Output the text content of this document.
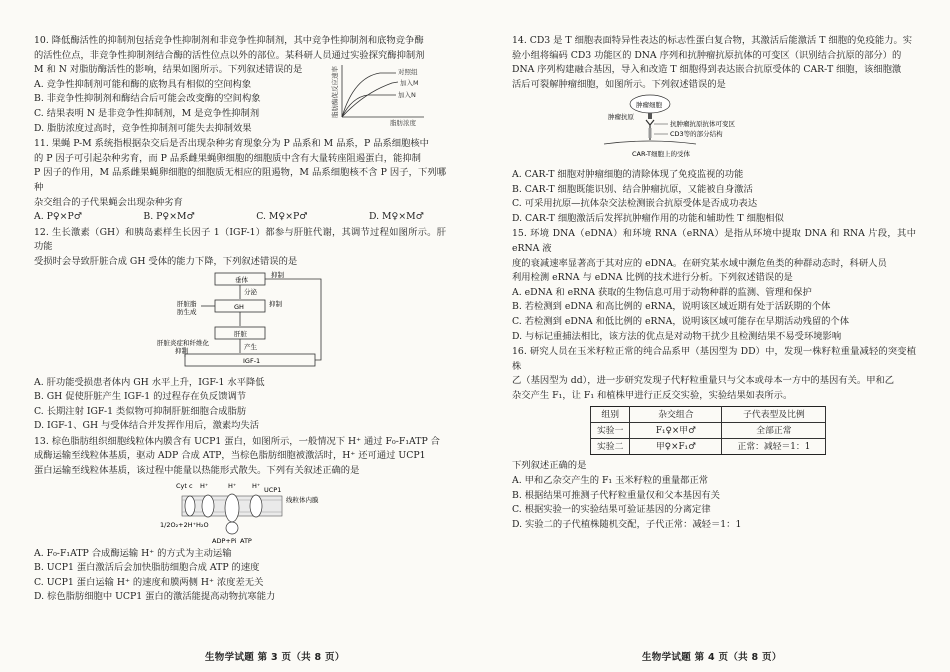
10. 降低酶活性的抑制剂包括竞争性抑制剂和非竞争性抑制剂，其中竞争性抑制剂和底物竞争酶
的活性位点，非竞争性抑制剂结合酶的活性位点以外的部位。某科研人员通过实验探究酶抑制剂
M 和 N 对脂肪酶活性的影响，结果如图所示。下列叙述错误的是
A. 竞争性抑制剂可能和酶的底物具有相似的空间构象
B. 非竞争性抑制剂和酶结合后可能会改变酶的空间构象
C. 结果表明 N 是非竞争性抑制剂，M 是竞争性抑制剂
D. 脂肪浓度过高时，竞争性抑制剂可能失去抑制效果
脂肪酶促反应速率
脂肪浓度
对照组
加入M
加入N
11. 果蝇 P-M 系统指根据杂交后是否出现杂种劣育现象分为 P 品系和 M 品系，P 品系细胞核中
的 P 因子可引起杂种劣育，而 P 品系雌果蝇卵细胞的细胞质中含有大量转座阻遏蛋白，能抑制
P 因子的作用，M 品系雌果蝇卵细胞的细胞质无相应的阻遏物，M 品系细胞核不含 P 因子，下列哪种
杂交组合的子代果蝇会出现杂种劣育
A. P♀×P♂	B. P♀×M♂	C. M♀×P♂	D. M♀×M♂
12. 生长激素（GH）和胰岛素样生长因子 1（IGF-1）都参与肝脏代谢，其调节过程如图所示。肝功能
受损时会导致肝脏合成 GH 受体的能力下降，下列叙述错误的是
垂体
分泌
GH
肝脏
产生
IGF-1
抑制
肝脏脂
肪生成
抑制
肝脏炎症和纤维化
抑制
A. 肝功能受损患者体内 GH 水平上升，IGF-1 水平降低
B. GH 促使肝脏产生 IGF-1 的过程存在负反馈调节
C. 长期注射 IGF-1 类似物可抑制肝脏细胞合成脂肪
D. IGF-1、GH 与受体结合并发挥作用后，激素均失活
13. 棕色脂肪组织细胞线粒体内膜含有 UCP1 蛋白，如图所示，一般情况下 H⁺ 通过 F₀-F₁ATP 合
成酶运输至线粒体基质，驱动 ADP 合成 ATP，当棕色脂肪细胞被激活时，H⁺ 还可通过 UCP1
蛋白运输至线粒体基质，该过程中能量以热能形式散失。下列有关叙述正确的是
Cyt c H⁺	H⁺ H⁺ UCP1
线粒体内膜
1/2O₂+2H⁺ H₂O
ADP+Pi ATP
A. F₀-F₁ATP 合成酶运输 H⁺ 的方式为主动运输
B. UCP1 蛋白激活后会加快脂肪细胞合成 ATP 的速度
C. UCP1 蛋白运输 H⁺ 的速度和膜两侧 H⁺ 浓度差无关
D. 棕色脂肪细胞中 UCP1 蛋白的激活能提高动物抗寒能力
14. CD3 是 T 细胞表面特异性表达的标志性蛋白复合物，其激活后能激活 T 细胞的免疫能力。实
验小组将编码 CD3 功能区的 DNA 序列和抗肿瘤抗原抗体的可变区（识别结合抗原的部分）的
DNA 序列构建融合基因，导入和改造 T 细胞得到表达嵌合抗原受体的 CAR-T 细胞，该细胞激
活后可裂解肿瘤细胞，如图所示。下列叙述错误的是
肿瘤细胞
肿瘤抗原
抗肿瘤抗原抗体可变区
CD3等的部分结构
CAR-T细胞上的受体
A. CAR-T 细胞对肿瘤细胞的清除体现了免疫监视的功能
B. CAR-T 细胞既能识别、结合肿瘤抗原，又能被自身激活
C. 可采用抗原—抗体杂交法检测嵌合抗原受体是否成功表达
D. CAR-T 细胞激活后发挥抗肿瘤作用的功能和辅助性 T 细胞相似
15. 环境 DNA（eDNA）和环境 RNA（eRNA）是指从环境中提取 DNA 和 RNA 片段，其中 eRNA 液
度的衰减速率显著高于其对应的 eDNA。在研究某水域中濒危鱼类的种群动态时，科研人员
利用检测 eRNA 与 eDNA 比例的技术进行分析。下列叙述错误的是
A. eDNA 和 eRNA 获取的生物信息可用于动物种群的监测、管理和保护
B. 若检测到 eDNA 和高比例的 eRNA，说明该区域近期有处于活跃期的个体
C. 若检测到 eDNA 和低比例的 eRNA，说明该区域可能存在早期活动残留的个体
D. 与标记重捕法相比，该方法的优点是对动物干扰少且检测结果不易受环境影响
16. 研究人员在玉米籽粒正常的纯合品系甲（基因型为 DD）中，发现一株籽粒重量减轻的突变植株
乙（基因型为 dd），进一步研究发现子代籽粒重量只与父本或母本一方中的基因有关。甲和乙
杂交产生 F₁，让 F₁ 和植株甲进行正反交实验，实验结果如表所示。
组别	杂交组合	子代表型及比例
实验一	F₁♀×甲♂	全部正常
实验二	甲♀×F₁♂	正常：减轻＝1：1
下列叙述正确的是
A. 甲和乙杂交产生的 F₁ 玉米籽粒的重量都正常
B. 根据结果可推测子代籽粒重量仅和父本基因有关
C. 根据实验一的实验结果可验证基因的分离定律
D. 实验二的子代植株随机交配，子代正常：减轻＝1：1
生物学试题 第 3 页（共 8 页）	生物学试题 第 4 页（共 8 页）
